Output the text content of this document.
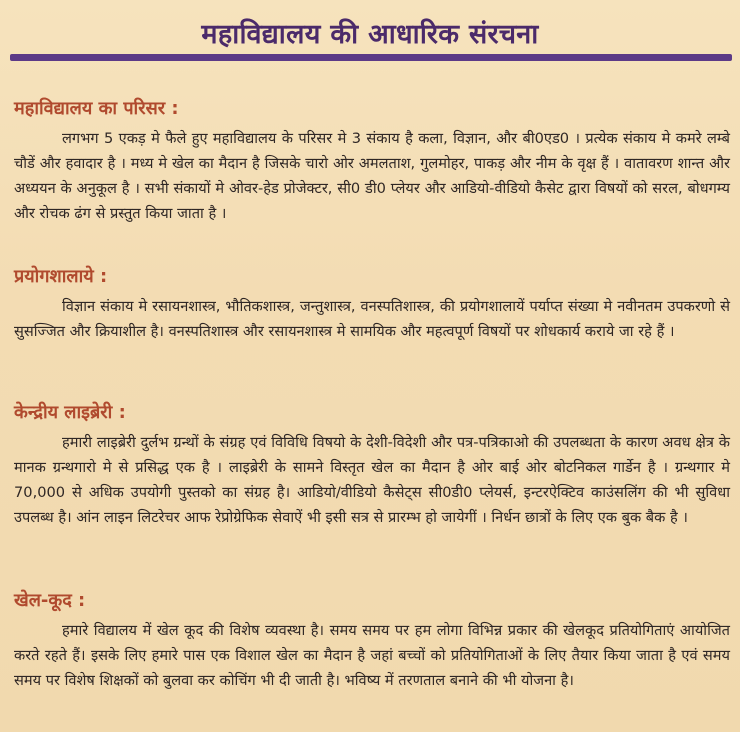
महाविद्यालय की आधारिक संरचना
महाविद्यालय का परिसर :

लगभग 5 एकड़ मे फैले हुए महाविद्यालय के परिसर मे 3 संकाय है कला, विज्ञान, और बी0एड0 । प्रत्येक संकाय मे कमरे लम्बे चौडें और हवादार है । मध्य मे खेल का मैदान है जिसके चारो ओर अमलताश, गुलमोहर, पाकड़ और नीम के वृक्ष हैं । वातावरण शान्त और अध्ययन के अनुकूल है । सभी संकायों मे ओवर-हेड प्रोजेक्टर, सी0 डी0 प्लेयर और आडियो-वीडियो कैसेट द्वारा विषयों को सरल, बोधगम्य और रोचक ढंग से प्रस्तुत किया जाता है ।

प्रयोगशालाये :

विज्ञान संकाय मे रसायनशास्त्र, भौतिकशास्त्र, जन्तुशास्त्र, वनस्पतिशास्त्र, की प्रयोगशालायें पर्याप्त संख्या मे नवीनतम उपकरणो से सुसज्जित और क्रियाशील है। वनस्पतिशास्त्र और रसायनशास्त्र मे सामयिक और महत्वपूर्ण विषयों पर शोधकार्य कराये जा रहे हैं ।

केन्द्रीय लाइब्रेरी :

हमारी लाइब्रेरी दुर्लभ ग्रन्थों के संग्रह एवं विविधि विषयो के देशी-विदेशी और पत्र-पत्रिकाओ की उपलब्धता के कारण अवध क्षेत्र के मानक ग्रन्थगारो मे से प्रसिद्ध एक है । लाइब्रेरी के सामने विस्तृत खेल का मैदान है ओर बाई ओर बोटनिकल गार्डेन है । ग्रन्थगार मे 70,000 से अधिक उपयोगी पुस्तको का संग्रह है। आडियो/वीडियो कैसेट्स सी0डी0 प्लेयर्स, इन्टरऐक्टिव काउंसलिंग की भी सुविधा उपलब्ध है। आंन लाइन लिटरेचर आफ रेप्रोग्रेफिक सेवाऐं भी इसी सत्र से प्रारम्भ हो जायेगीं । निर्धन छात्रों के लिए एक बुक बैक है ।

खेल-कूद :

हमारे विद्यालय में खेल कूद की विशेष व्यवस्था है। समय समय पर हम लोगा विभिन्न प्रकार की खेलकूद प्रतियोगिताएं आयोजित करते रहते हैं। इसके लिए हमारे पास एक विशाल खेल का मैदान है जहां बच्चों को प्रतियोगिताओं के लिए तैयार किया जाता है एवं समय समय पर विशेष शिक्षकों को बुलवा कर कोचिंग भी दी जाती है। भविष्य में तरणताल बनाने की भी योजना है।
